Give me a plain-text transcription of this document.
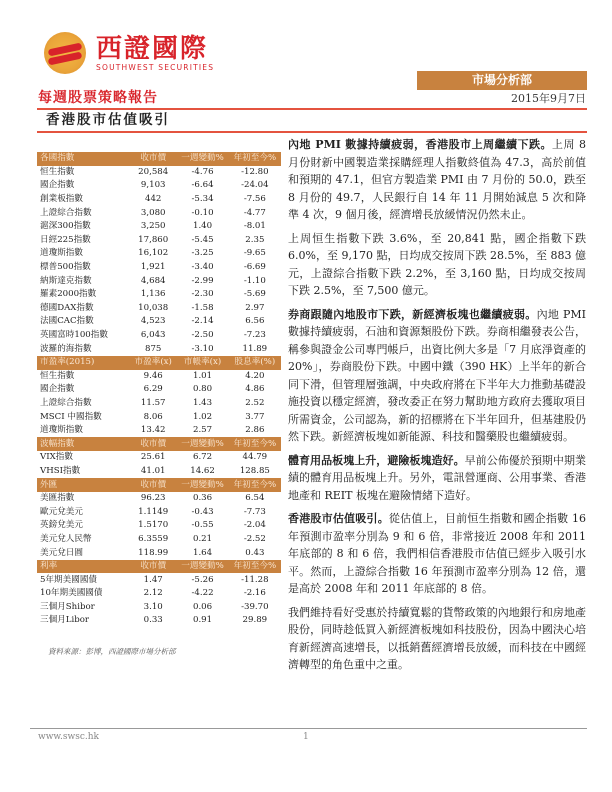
西證國際
SOUTHWEST SECURITIES
市場分析部
每週股票策略報告	2015年9月7日
香港股市估值吸引
各國指數	收市價	一週變動%	年初至今%
恒生指數	20,584	-4.76	-12.80
國企指數	9,103	-6.64	-24.04
創業板指數	442	-5.34	-7.56
上證綜合指數	3,080	-0.10	-4.77
滬深300指數	3,250	1.40	-8.01
日經225指數	17,860	-5.45	2.35
道瓊斯指數	16,102	-3.25	-9.65
標普500指數	1,921	-3.40	-6.69
納斯達克指數	4,684	-2.99	-1.10
羅素2000指數	1,136	-2.30	-5.69
德國DAX指數	10,038	-1.58	2.97
法國CAC指數	4,523	-2.14	6.56
英國富時100指數	6,043	-2.50	-7.23
波羅的海指數	875	-3.10	11.89
市盈率(2015)	市盈率(x)	市帳率(x)	股息率(%)
恒生指數	9.46	1.01	4.20
國企指數	6.29	0.80	4.86
上證綜合指數	11.57	1.43	2.52
MSCI 中國指數	8.06	1.02	3.77
道瓊斯指數	13.42	2.57	2.86
波幅指數	收市價	一週變動%	年初至今%
VIX指數	25.61	6.72	44.79
VHSI指數	41.01	14.62	128.85
外匯	收市價	一週變動%	年初至今%
美匯指數	96.23	0.36	6.54
歐元兌美元	1.1149	-0.43	-7.73
英鎊兌美元	1.5170	-0.55	-2.04
美元兌人民幣	6.3559	0.21	-2.52
美元兌日圓	118.99	1.64	0.43
利率	收市價	一週變動%	年初至今%
5年期美國國債	1.47	-5.26	-11.28
10年期美國國債	2.12	-4.22	-2.16
三個月Shibor	3.10	0.06	-39.70
三個月Libor	0.33	0.91	29.89
資料來源：彭博，西證國際市場分析部

內地 PMI 數據持續疲弱，香港股市上周繼續下跌。上周 8 月份財新中國製造業採購經理人指數終值為 47.3，高於前值和預期的 47.1，但官方製造業 PMI 由 7 月份的 50.0，跌至 8 月份的 49.7，人民銀行自 14 年 11 月開始減息 5 次和降準 4 次，9 個月後，經濟增長放緩情況仍然未止。

上周恒生指數下跌 3.6%，至 20,841 點，國企指數下跌 6.0%，至 9,170 點，日均成交按周下跌 28.5%，至 883 億元，上證綜合指數下跌 2.2%，至 3,160 點，日均成交按周下跌 2.5%，至 7,500 億元。

券商跟隨內地股市下跌，新經濟板塊也繼續疲弱。內地 PMI 數據持續疲弱，石油和資源類股份下跌。券商相繼發表公告，稱參與證金公司專門帳戶，出資比例大多是「7 月底淨資產的 20%」，券商股份下跌。中國中鐵（390 HK）上半年的新合同下滑，但管理層強調，中央政府將在下半年大力推動基礎設施投資以穩定經濟，發改委正在努力幫助地方政府去獲取項目所需資金，公司認為，新的招標將在下半年回升，但基建股仍然下跌。新經濟板塊如新能源、科技和醫藥股也繼續疲弱。

體育用品板塊上升，避險板塊造好。早前公佈優於預期中期業績的體育用品板塊上升。另外，電訊營運商、公用事業、香港地產和 REIT 板塊在避險情緒下造好。

香港股市估值吸引。從估值上，目前恒生指數和國企指數 16 年預測市盈率分別為 9 和 6 倍，非常接近 2008 年和 2011 年底部的 8 和 6 倍，我們相信香港股市估值已經步入吸引水平。然而，上證綜合指數 16 年預測市盈率分別為 12 倍，還是高於 2008 年和 2011 年底部的 8 倍。

我們維持看好受惠於持續寬鬆的貨幣政策的內地銀行和房地產股份，同時趁低買入新經濟板塊如科技股份，因為中國決心培育新經濟高速增長，以抵銷舊經濟增長放緩，而科技在中國經濟轉型的角色重中之重。

www.swsc.hk	1
